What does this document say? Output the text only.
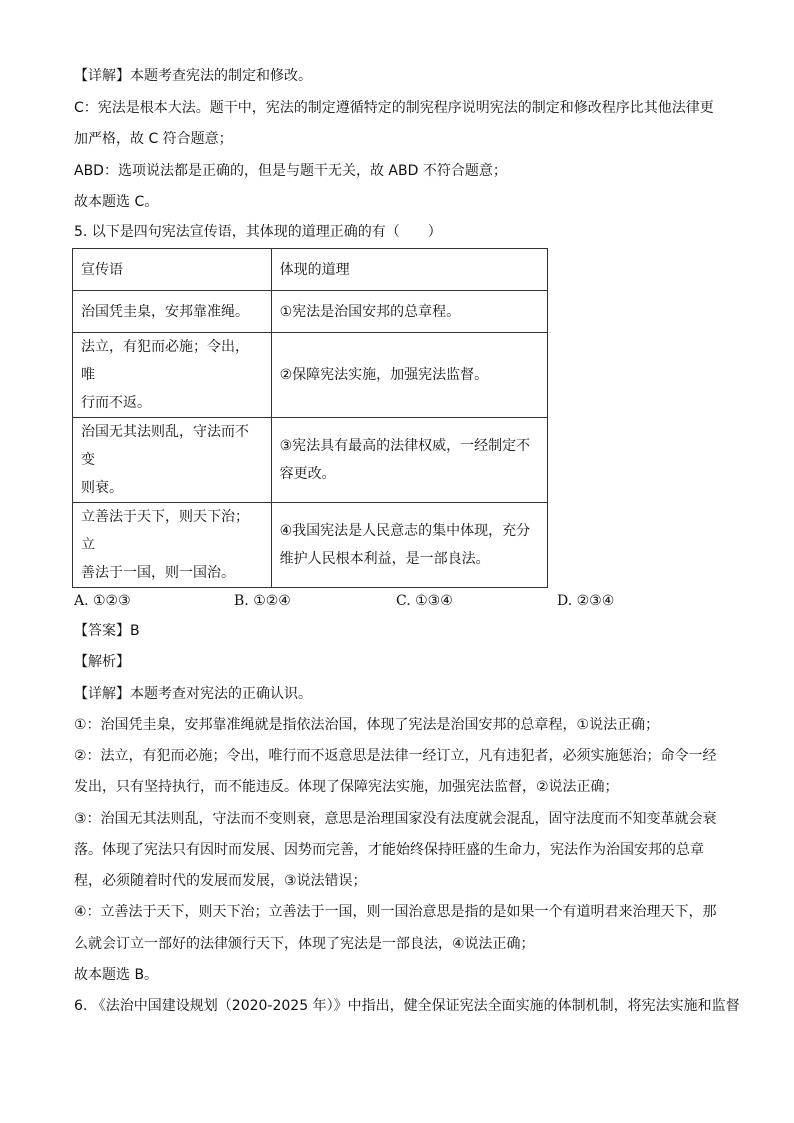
【详解】本题考查宪法的制定和修改。
C：宪法是根本大法。题干中，宪法的制定遵循特定的制宪程序说明宪法的制定和修改程序比其他法律更
加严格，故 C 符合题意；
ABD：选项说法都是正确的，但是与题干无关，故 ABD 不符合题意；
故本题选 C。
5. 以下是四句宪法宣传语，其体现的道理正确的有（　　）
宣传语	体现的道理
治国凭圭臬，安邦靠准绳。	①宪法是治国安邦的总章程。
法立，有犯而必施；令出，唯
行而不返。	②保障宪法实施，加强宪法监督。
治国无其法则乱，守法而不变
则衰。	③宪法具有最高的法律权威，一经制定不
容更改。
立善法于天下，则天下治；立
善法于一国，则一国治。	④我国宪法是人民意志的集中体现，充分
维护人民根本利益，是一部良法。
A. ①②③	B. ①②④	C. ①③④	D. ②③④
【答案】B
【解析】
【详解】本题考查对宪法的正确认识。
①：治国凭圭臬，安邦靠准绳就是指依法治国，体现了宪法是治国安邦的总章程，①说法正确；
②：法立，有犯而必施；令出，唯行而不返意思是法律一经订立，凡有违犯者，必须实施惩治；命令一经
发出，只有坚持执行，而不能违反。体现了保障宪法实施，加强宪法监督，②说法正确；
③：治国无其法则乱，守法而不变则衰，意思是治理国家没有法度就会混乱，固守法度而不知变革就会衰
落。体现了宪法只有因时而发展、因势而完善，才能始终保持旺盛的生命力，宪法作为治国安邦的总章
程，必须随着时代的发展而发展，③说法错误；
④：立善法于天下，则天下治；立善法于一国，则一国治意思是指的是如果一个有道明君来治理天下，那
么就会订立一部好的法律颁行天下，体现了宪法是一部良法，④说法正确；
故本题选 B。
6. 《法治中国建设规划（2020-2025 年）》中指出，健全保证宪法全面实施的体制机制，将宪法实施和监督
